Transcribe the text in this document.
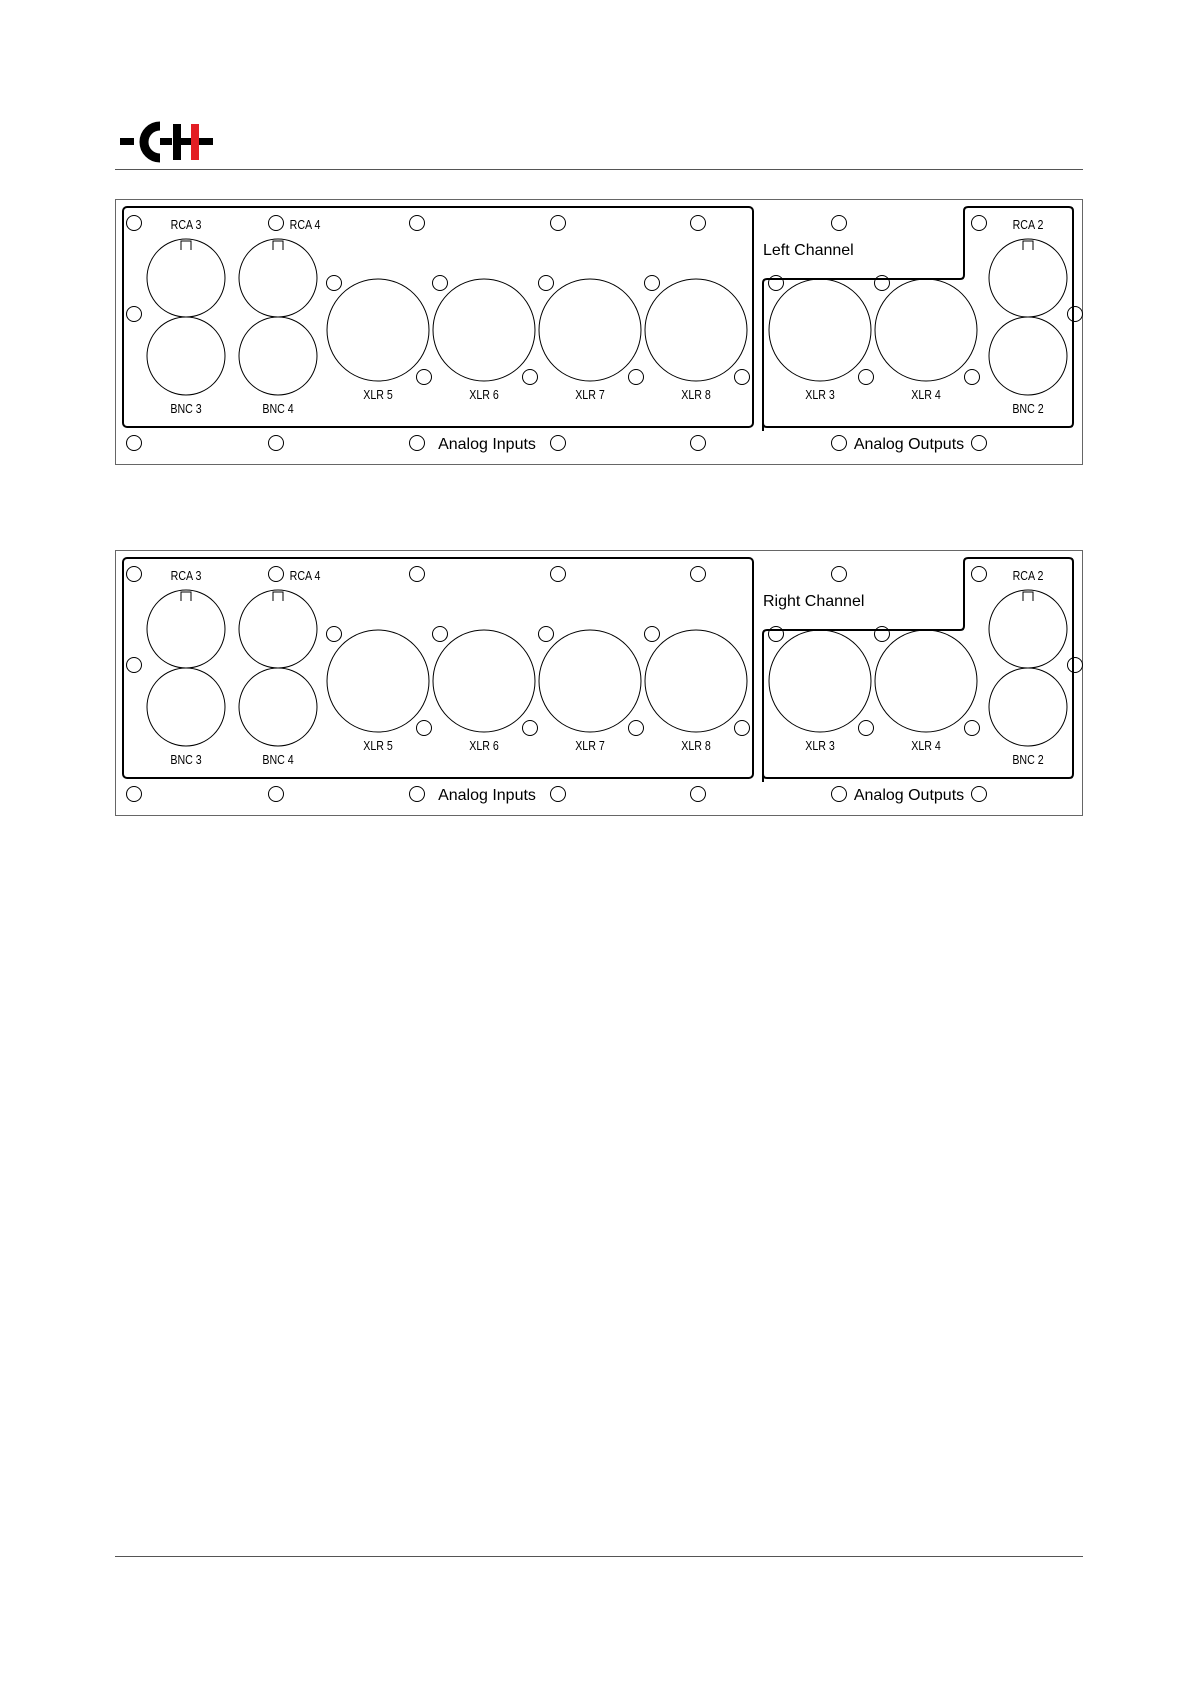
RCA 3	RCA 4
BNC 3	BNC 4
XLR 5	XLR 6	XLR 7	XLR 8	XLR 3	XLR 4
RCA 2
BNC 2
Left Channel
Analog Inputs	Analog Outputs
RCA 3	RCA 4
BNC 3	BNC 4
XLR 5	XLR 6	XLR 7	XLR 8	XLR 3	XLR 4
RCA 2
BNC 2
Right Channel
Analog Inputs	Analog Outputs
